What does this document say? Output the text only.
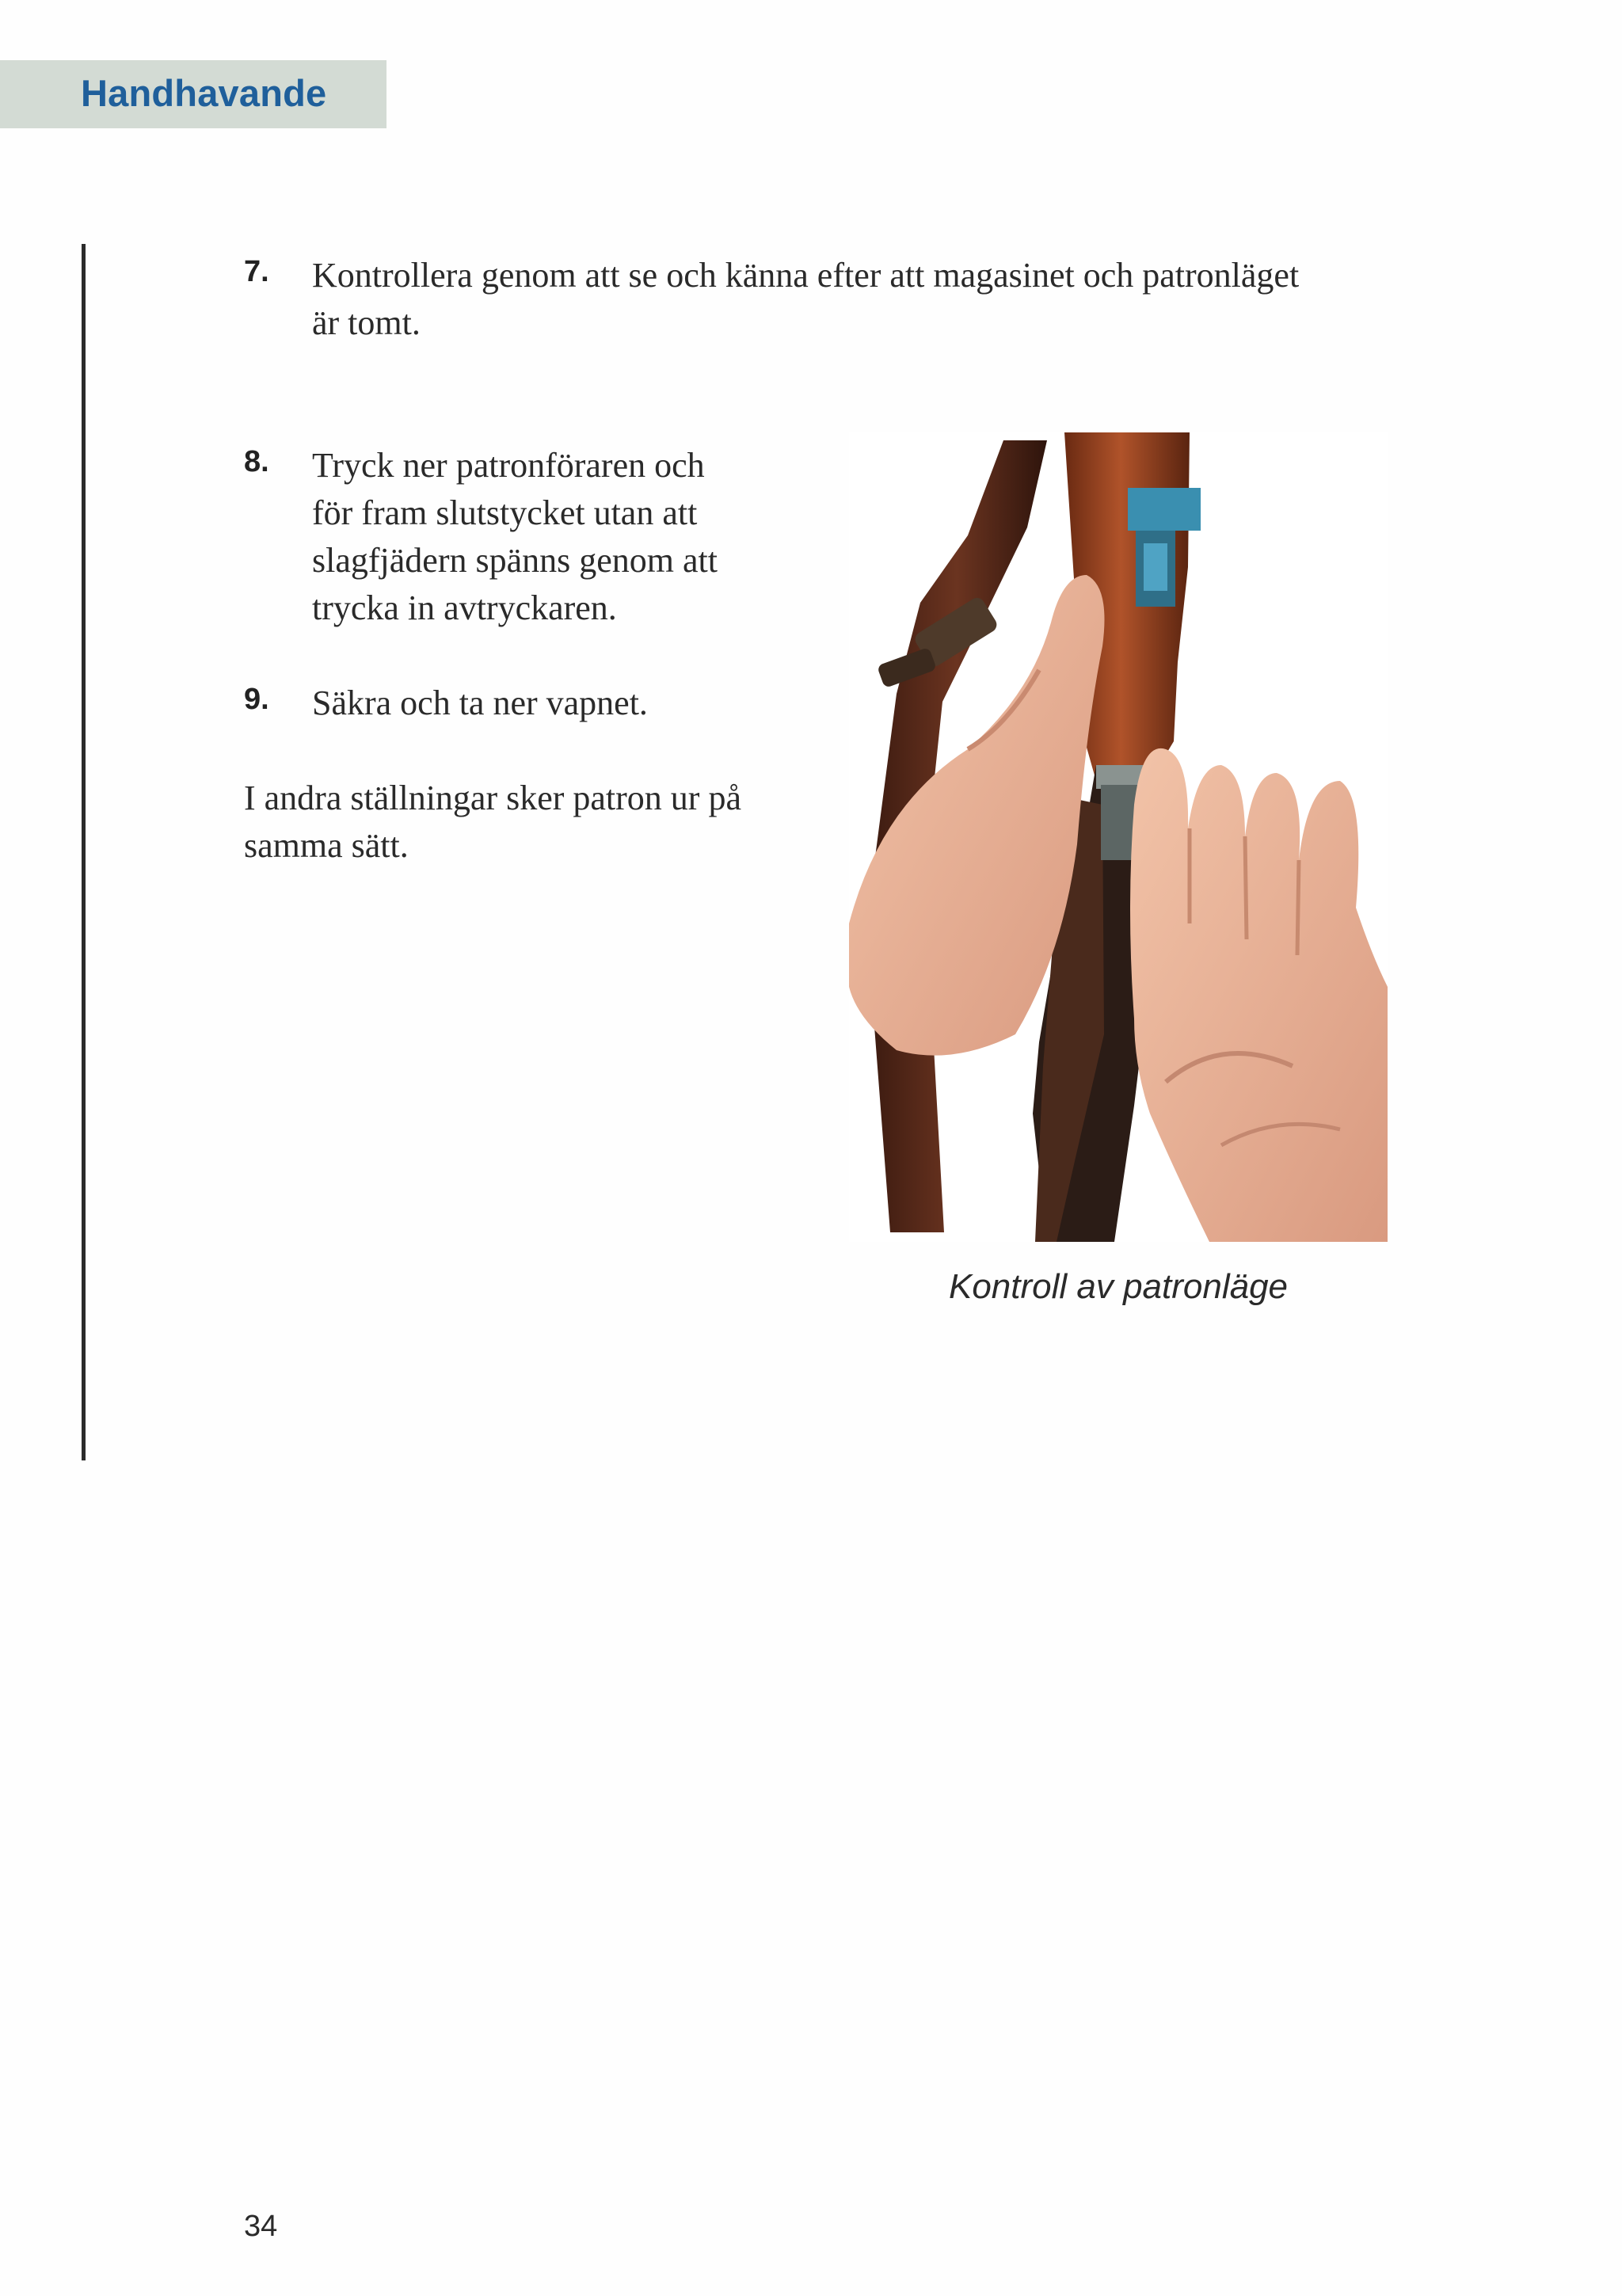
Handhavande
7. Kontrollera genom att se och känna efter att magasinet och patronläget
är tomt.
8. Tryck ner patronföraren och
för fram slutstycket utan att
slagfjädern spänns genom att
trycka in avtryckaren.
9. Säkra och ta ner vapnet.
I andra ställningar sker patron ur på
samma sätt.
Kontroll av patronläge
34
